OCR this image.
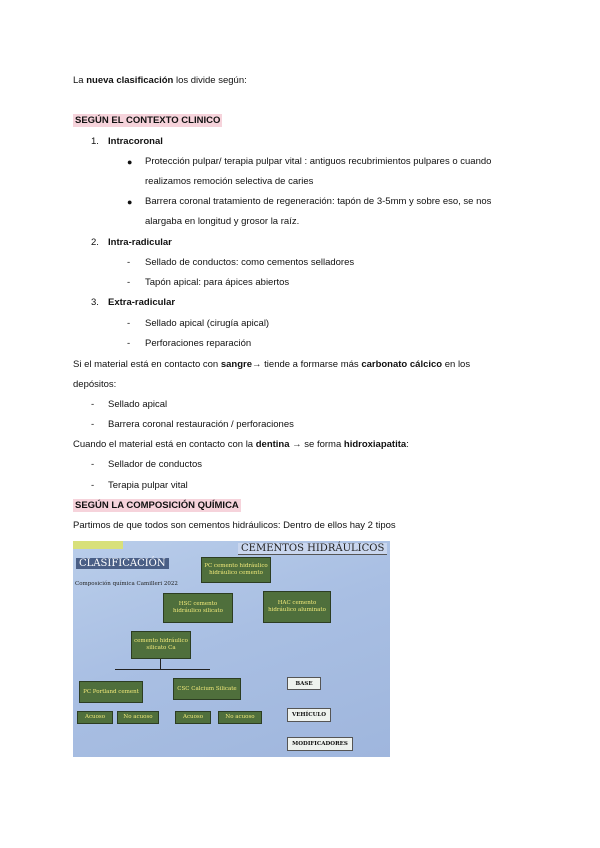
La nueva clasificación los divide según:
SEGÚN EL CONTEXTO CLINICO
1. Intracoronal
● Protección pulpar/ terapia pulpar vital : antiguos recubrimientos pulpares o cuando
realizamos remoción selectiva de caries
● Barrera coronal tratamiento de regeneración: tapón de 3-5mm y sobre eso, se nos
alargaba en longitud y grosor la raíz.
2. Intra-radicular
- Sellado de conductos: como cementos selladores
- Tapón apical: para ápices abiertos
3. Extra-radicular
- Sellado apical (cirugía apical)
- Perforaciones reparación
Si el material está en contacto con sangre→ tiende a formarse más carbonato cálcico en los
depósitos:
- Sellado apical
- Barrera coronal restauración / perforaciones
Cuando el material está en contacto con la dentina → se forma hidroxiapatita:
- Sellador de conductos
- Terapia pulpar vital
SEGÚN LA COMPOSICIÓN QUÍMICA
Partimos de que todos son cementos hidráulicos: Dentro de ellos hay 2 tipos
CEMENTOS HIDRÁULICOS
CLASIFICACIÓN
Composición química Camilleri 2022
PC cemento hidráulico hidráulico cemento
HSC cemento hidráulico silicato
HAC cemento hidráulico aluminato
cemento hidráulico silicato Ca
PC Portland cement	CSC Calcium Silicate
Acuoso	No acuoso	Acuoso	No acuoso
BASE
VEHÍCULO
MODIFICADORES
